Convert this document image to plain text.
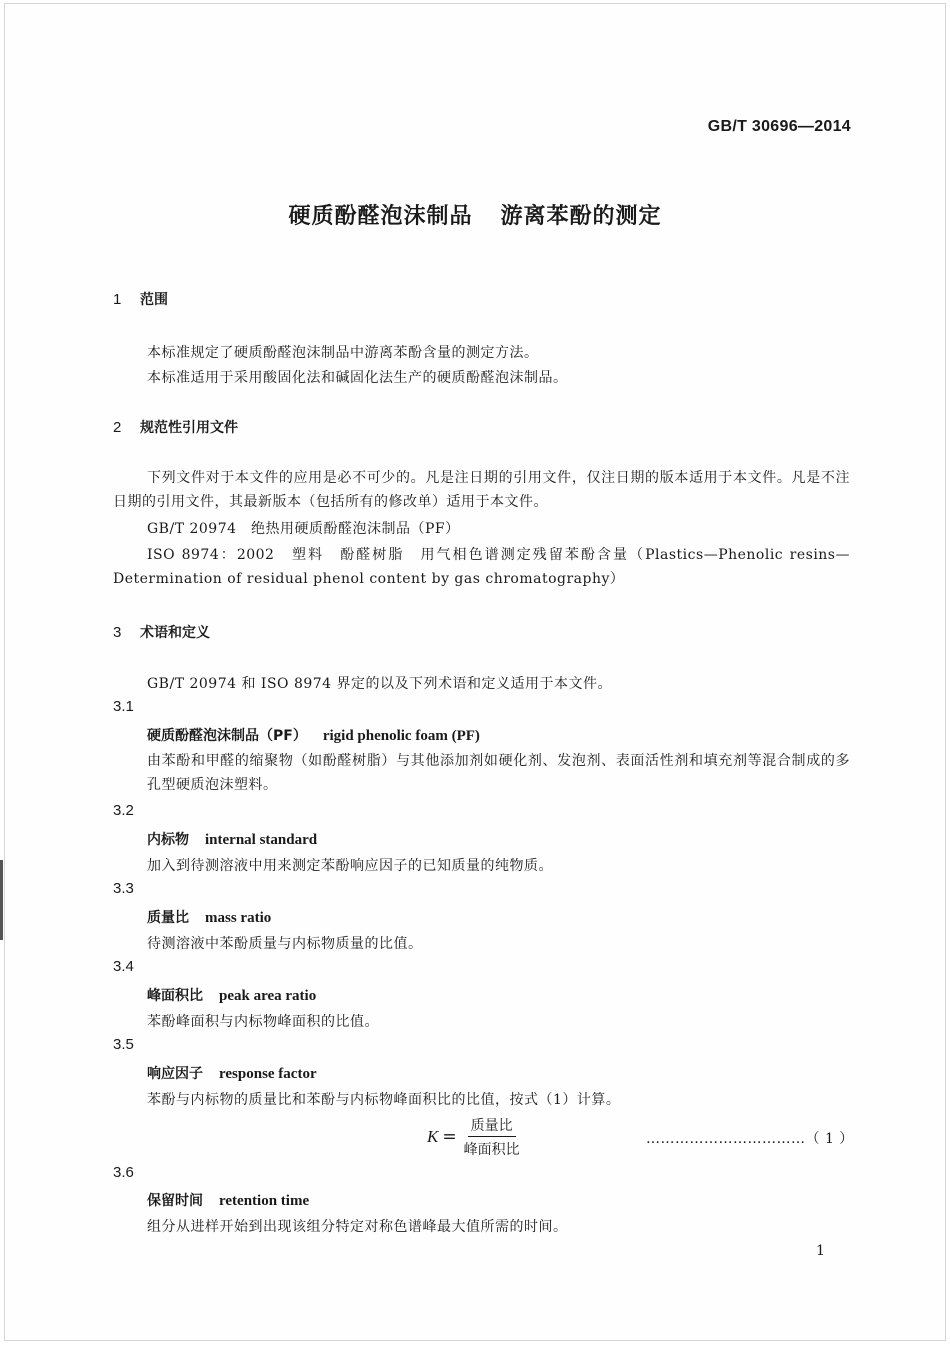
GB/T 30696—2014
硬质酚醛泡沫制品 游离苯酚的测定
1 范围
本标准规定了硬质酚醛泡沫制品中游离苯酚含量的测定方法。
本标准适用于采用酸固化法和碱固化法生产的硬质酚醛泡沫制品。
2 规范性引用文件
下列文件对于本文件的应用是必不可少的。凡是注日期的引用文件，仅注日期的版本适用于本文件。凡是不注日期的引用文件，其最新版本（包括所有的修改单）适用于本文件。
GB/T 20974　绝热用硬质酚醛泡沫制品（PF）
ISO 8974：2002　塑料　酚醛树脂　用气相色谱测定残留苯酚含量（Plastics—Phenolic resins—Determination of residual phenol content by gas chromatography）
3 术语和定义
GB/T 20974 和 ISO 8974 界定的以及下列术语和定义适用于本文件。
3.1
硬质酚醛泡沫制品（PF） rigid phenolic foam (PF)
由苯酚和甲醛的缩聚物（如酚醛树脂）与其他添加剂如硬化剂、发泡剂、表面活性剂和填充剂等混合制成的多孔型硬质泡沫塑料。
3.2
内标物 internal standard
加入到待测溶液中用来测定苯酚响应因子的已知质量的纯物质。
3.3
质量比 mass ratio
待测溶液中苯酚质量与内标物质量的比值。
3.4
峰面积比 peak area ratio
苯酚峰面积与内标物峰面积的比值。
3.5
响应因子 response factor
苯酚与内标物的质量比和苯酚与内标物峰面积比的比值，按式（1）计算。
$K = \frac{\text{质量比}}{\text{峰面积比}}$	……………………………（ 1 ）
3.6
保留时间 retention time
组分从进样开始到出现该组分特定对称色谱峰最大值所需的时间。
1
